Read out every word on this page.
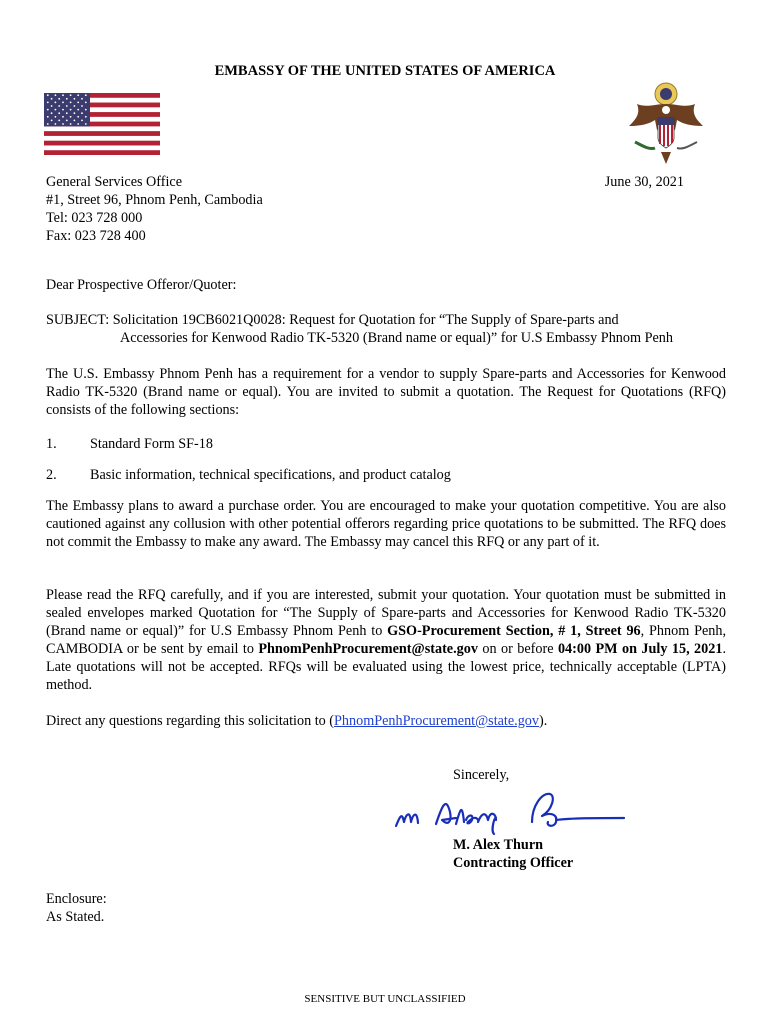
EMBASSY OF THE UNITED STATES OF AMERICA
General Services Office
#1, Street 96, Phnom Penh, Cambodia
Tel: 023 728 000
Fax: 023 728 400
June 30, 2021
Dear Prospective Offeror/Quoter:
SUBJECT: Solicitation 19CB6021Q0028: Request for Quotation for “The Supply of Spare-parts and
Accessories for Kenwood Radio TK-5320 (Brand name or equal)” for U.S Embassy Phnom Penh
The U.S. Embassy Phnom Penh has a requirement for a vendor to supply Spare-parts and Accessories for Kenwood Radio TK-5320 (Brand name or equal). You are invited to submit a quotation. The Request for Quotations (RFQ) consists of the following sections:
1. Standard Form SF-18
2. Basic information, technical specifications, and product catalog
The Embassy plans to award a purchase order. You are encouraged to make your quotation competitive. You are also cautioned against any collusion with other potential offerors regarding price quotations to be submitted. The RFQ does not commit the Embassy to make any award. The Embassy may cancel this RFQ or any part of it.
Please read the RFQ carefully, and if you are interested, submit your quotation. Your quotation must be submitted in sealed envelopes marked Quotation for “The Supply of Spare-parts and Accessories for Kenwood Radio TK-5320 (Brand name or equal)” for U.S Embassy Phnom Penh to GSO-Procurement Section, # 1, Street 96, Phnom Penh, CAMBODIA or be sent by email to PhnomPenhProcurement@state.gov on or before 04:00 PM on July 15, 2021. Late quotations will not be accepted. RFQs will be evaluated using the lowest price, technically acceptable (LPTA) method.
Direct any questions regarding this solicitation to (PhnomPenhProcurement@state.gov).
Sincerely,
M. Alex Thurn
Contracting Officer
Enclosure:
As Stated.
SENSITIVE BUT UNCLASSIFIED
